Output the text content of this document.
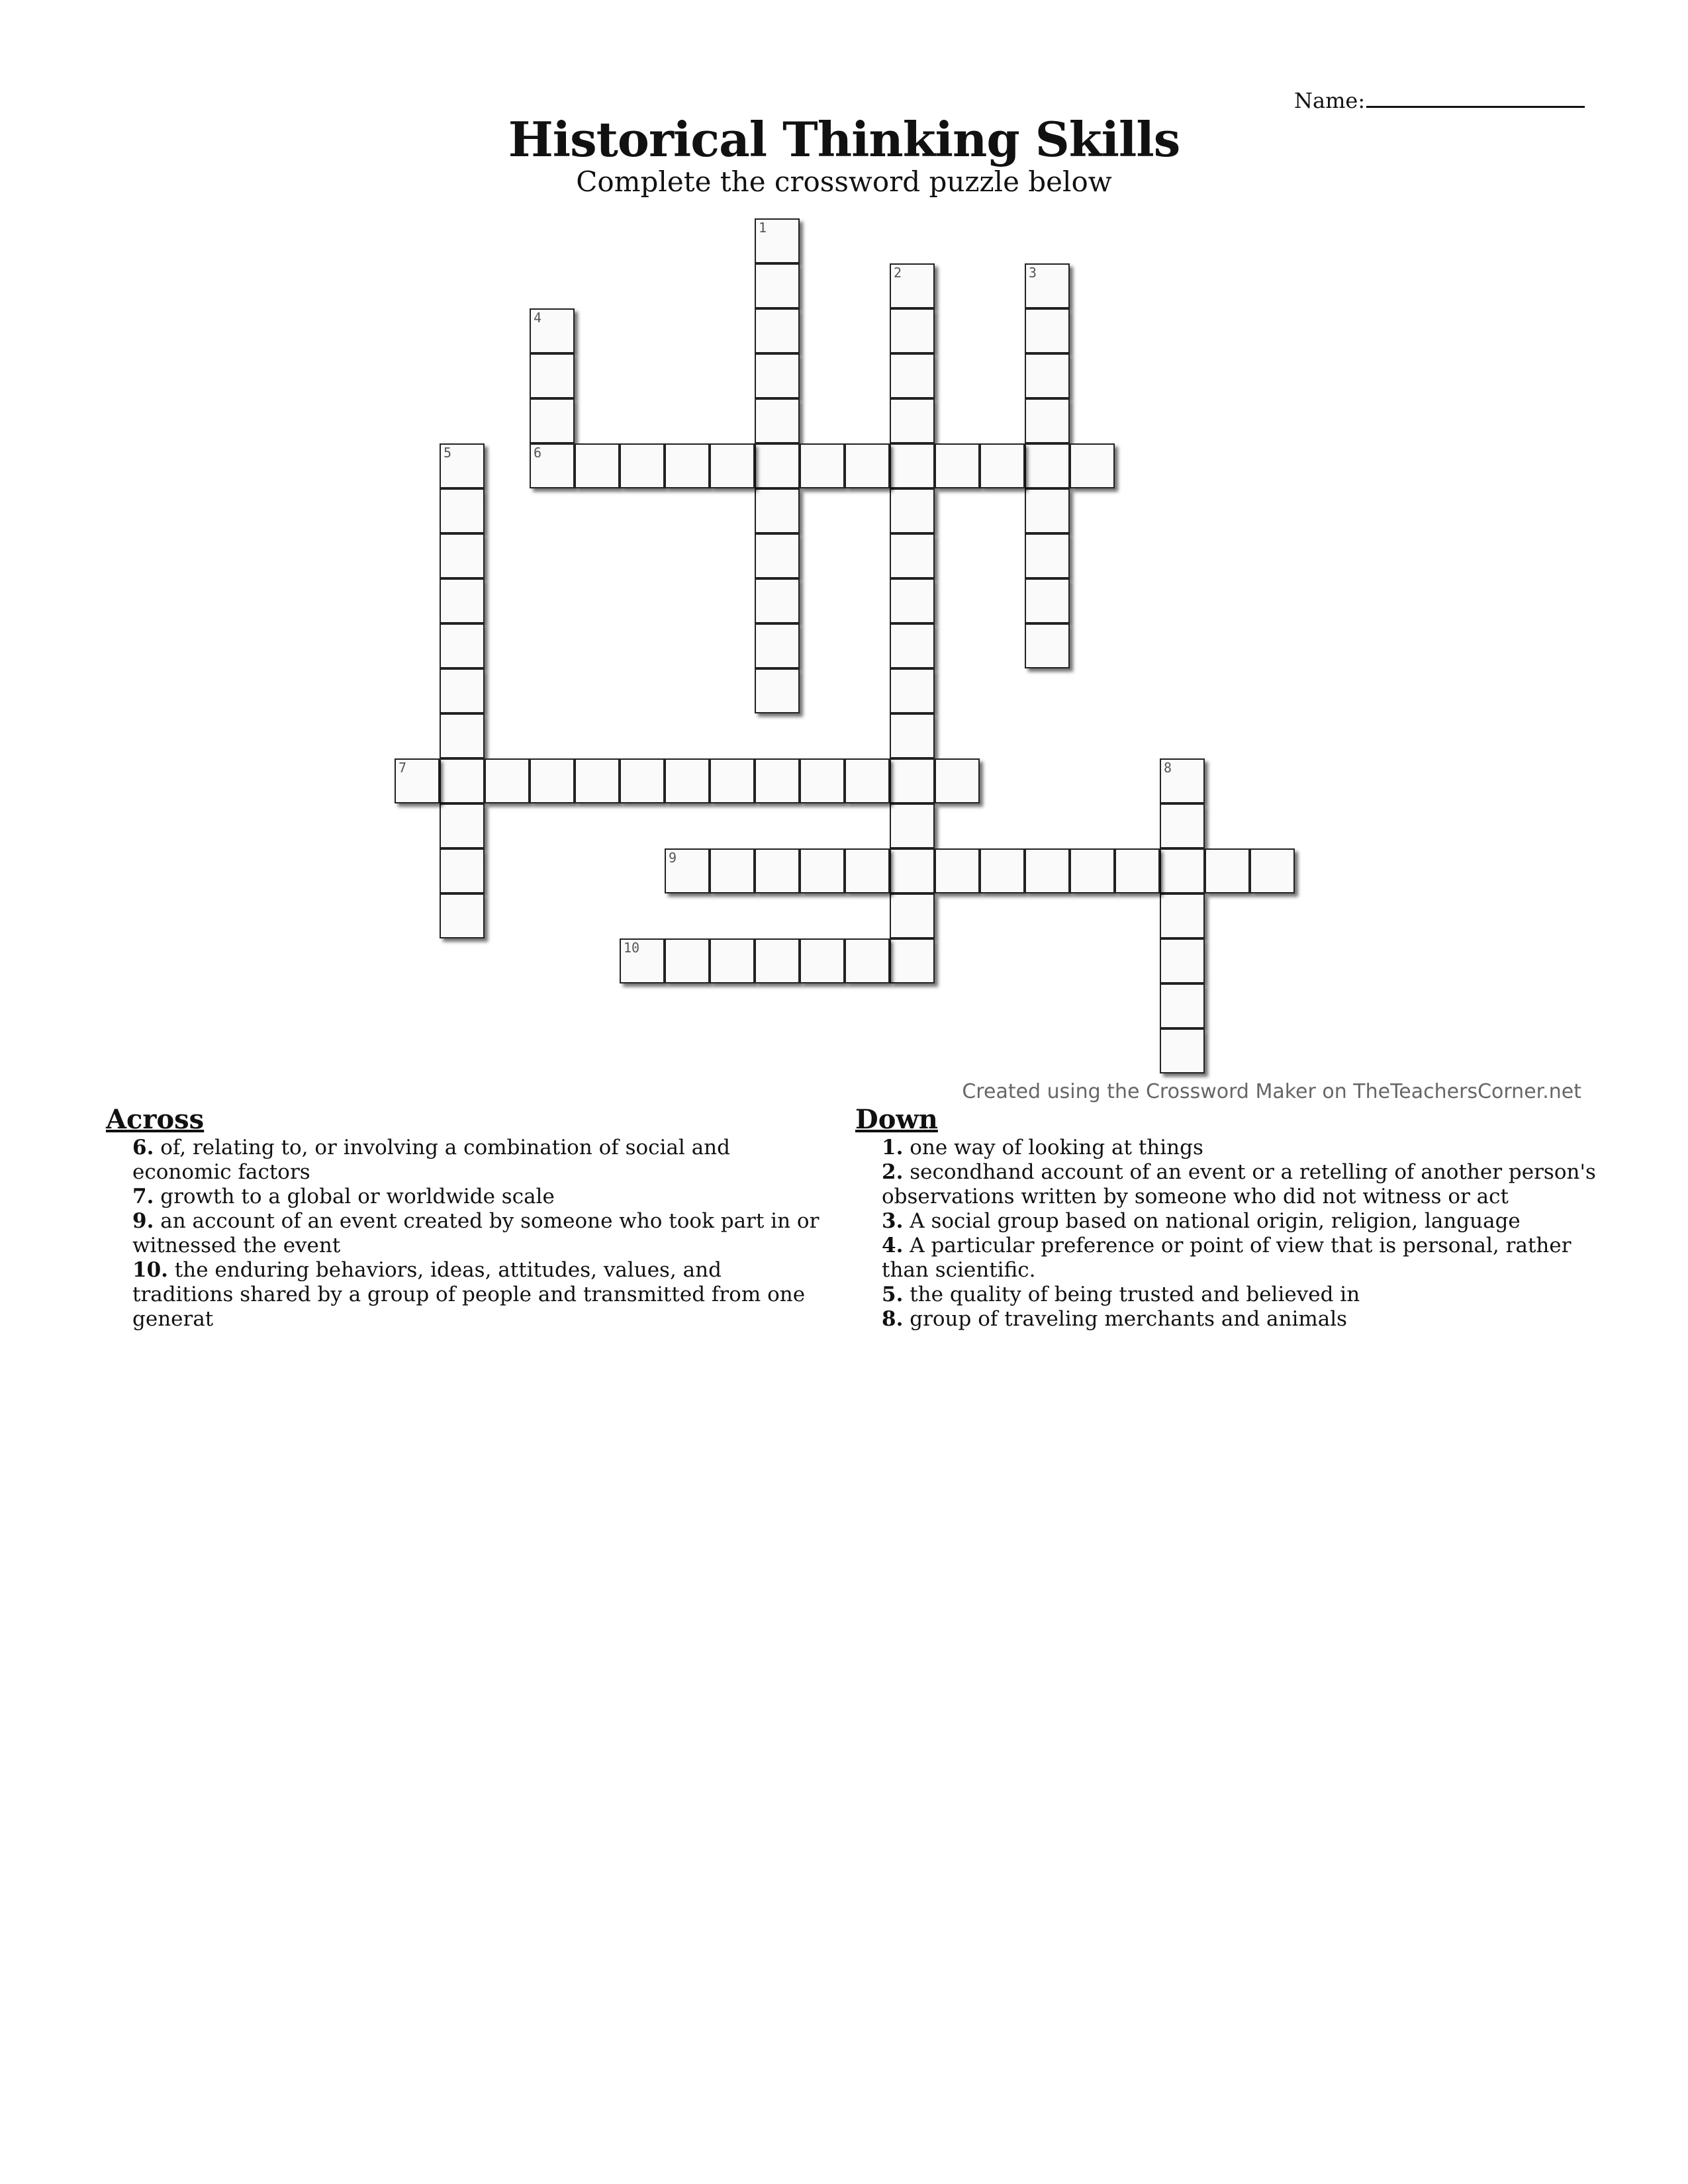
Name:
Historical Thinking Skills
Complete the crossword puzzle below
1
2	3
4
6
5
7	8
9
10
Created using the Crossword Maker on TheTeachersCorner.net
Across
6. of, relating to, or involving a combination of social and economic factors
7. growth to a global or worldwide scale
9. an account of an event created by someone who took part in or witnessed the event
10. the enduring behaviors, ideas, attitudes, values, and traditions shared by a group of people and transmitted from one generat
Down
1. one way of looking at things
2. secondhand account of an event or a retelling of another person's observations written by someone who did not witness or act
3. A social group based on national origin, religion, language
4. A particular preference or point of view that is personal, rather than scientific.
5. the quality of being trusted and believed in
8. group of traveling merchants and animals
